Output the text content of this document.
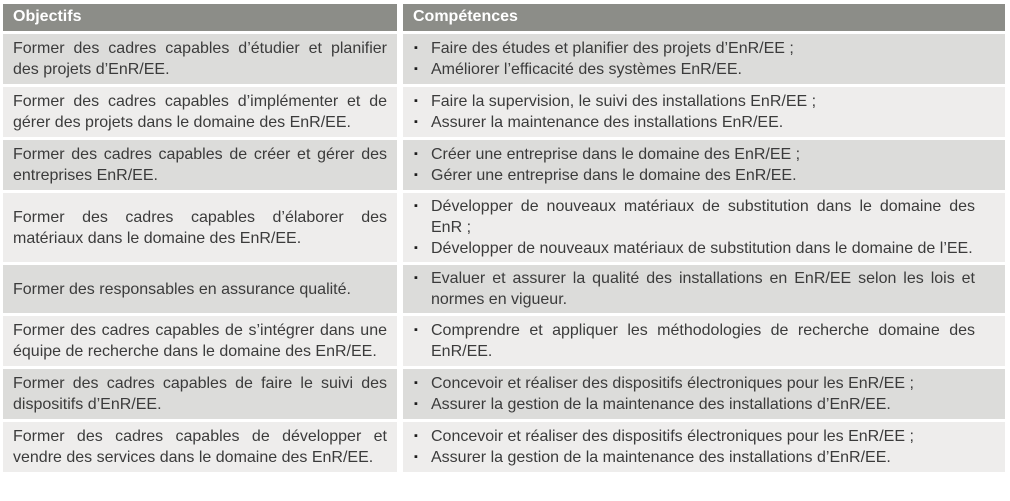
Objectifs	Compétences

Former des cadres capables d’étudier et planifier des projets d’EnR/EE.

▪ Faire des études et planifier des projets d’EnR/EE ;
▪ Améliorer l’efficacité des systèmes EnR/EE.

Former des cadres capables d’implémenter et de gérer des projets dans le domaine des EnR/EE.

▪ Faire la supervision, le suivi des installations EnR/EE ;
▪ Assurer la maintenance des installations EnR/EE.

Former des cadres capables de créer et gérer des entreprises EnR/EE.

▪ Créer une entreprise dans le domaine des EnR/EE ;
▪ Gérer une entreprise dans le domaine des EnR/EE.

Former des cadres capables d’élaborer des matériaux dans le domaine des EnR/EE.

▪ Développer de nouveaux matériaux de substitution dans le domaine des EnR ;
▪ Développer de nouveaux matériaux de substitution dans le domaine de l’EE.

Former des responsables en assurance qualité.

▪ Evaluer et assurer la qualité des installations en EnR/EE selon les lois et normes en vigueur.

Former des cadres capables de s’intégrer dans une équipe de recherche dans le domaine des EnR/EE.

▪ Comprendre et appliquer les méthodologies de recherche domaine des EnR/EE.

Former des cadres capables de faire le suivi des dispositifs d’EnR/EE.

▪ Concevoir et réaliser des dispositifs électroniques pour les EnR/EE ;
▪ Assurer la gestion de la maintenance des installations d’EnR/EE.

Former des cadres capables de développer et vendre des services dans le domaine des EnR/EE.

▪ Concevoir et réaliser des dispositifs électroniques pour les EnR/EE ;
▪ Assurer la gestion de la maintenance des installations d’EnR/EE.
